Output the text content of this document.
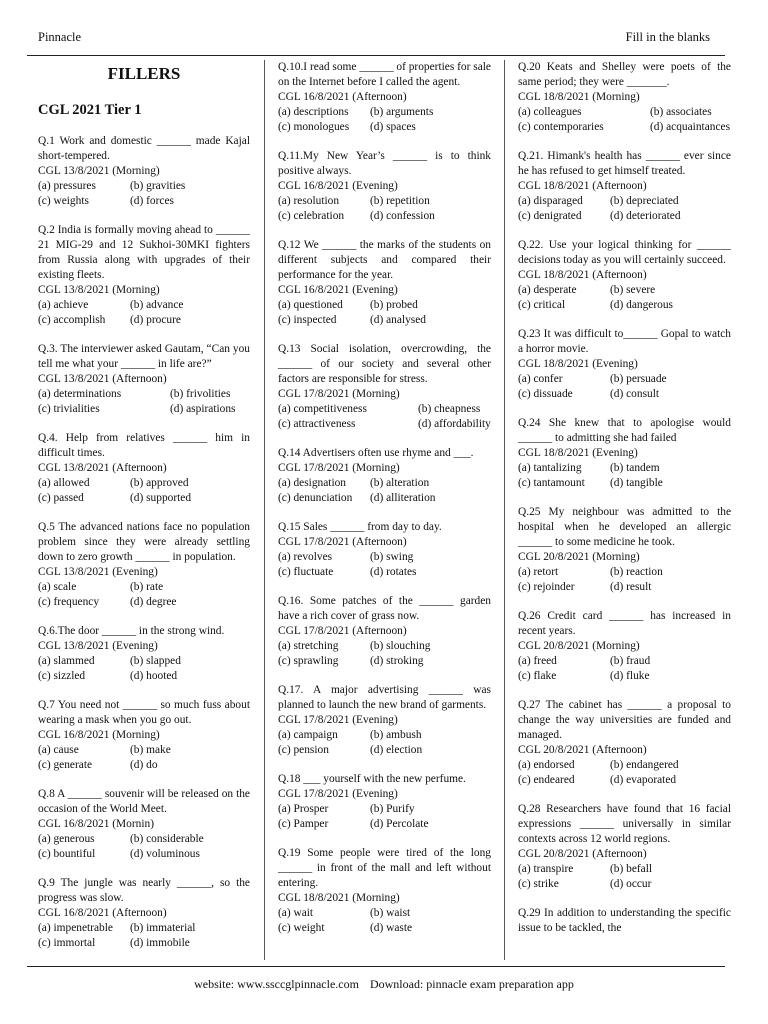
Pinnacle	Fill in the blanks
FILLERS
CGL 2021 Tier 1
Q.1 Work and domestic ______ made Kajal short-tempered.
CGL 13/8/2021 (Morning)
(a) pressures	(b) gravities
(c) weights	(d) forces
Q.2 India is formally moving ahead to ______ 21 MIG-29 and 12 Sukhoi-30MKI fighters from Russia along with upgrades of their existing fleets.
CGL 13/8/2021 (Morning)
(a) achieve	(b) advance
(c) accomplish	(d) procure
Q.3. The interviewer asked Gautam, “Can you tell me what your ______ in life are?”
CGL 13/8/2021 (Afternoon)
(a) determinations	(b) frivolities
(c) trivialities	(d) aspirations
Q.4. Help from relatives ______ him in difficult times.
CGL 13/8/2021 (Afternoon)
(a) allowed	(b) approved
(c) passed	(d) supported
Q.5 The advanced nations face no population problem since they were already settling down to zero growth ______ in population.
CGL 13/8/2021 (Evening)
(a) scale	(b) rate
(c) frequency	(d) degree
Q.6.The door ______ in the strong wind.
CGL 13/8/2021 (Evening)
(a) slammed	(b) slapped
(c) sizzled	(d) hooted
Q.7 You need not ______ so much fuss about wearing a mask when you go out.
CGL 16/8/2021 (Morning)
(a) cause	(b) make
(c) generate	(d) do
Q.8 A ______ souvenir will be released on the occasion of the World Meet.
CGL 16/8/2021 (Mornin)
(a) generous	(b) considerable
(c) bountiful	(d) voluminous
Q.9 The jungle was nearly ______, so the progress was slow.
CGL 16/8/2021 (Afternoon)
(a) impenetrable	(b) immaterial
(c) immortal	(d) immobile
Q.10.I read some ______ of properties for sale on the Internet before I called the agent.
CGL 16/8/2021 (Afternoon)
(a) descriptions	(b) arguments
(c) monologues	(d) spaces
Q.11.My New Year’s ______ is to think positive always.
CGL 16/8/2021 (Evening)
(a) resolution	(b) repetition
(c) celebration	(d) confession
Q.12 We ______ the marks of the students on different subjects and compared their performance for the year.
CGL 16/8/2021 (Evening)
(a) questioned	(b) probed
(c) inspected	(d) analysed
Q.13 Social isolation, overcrowding, the ______ of our society and several other factors are responsible for stress.
CGL 17/8/2021 (Morning)
(a) competitiveness	(b) cheapness
(c) attractiveness	(d) affordability
Q.14 Advertisers often use rhyme and ___.
CGL 17/8/2021 (Morning)
(a) designation	(b) alteration
(c) denunciation	(d) alliteration
Q.15 Sales ______ from day to day.
CGL 17/8/2021 (Afternoon)
(a) revolves	(b) swing
(c) fluctuate	(d) rotates
Q.16. Some patches of the ______ garden have a rich cover of grass now.
CGL 17/8/2021 (Afternoon)
(a) stretching	(b) slouching
(c) sprawling	(d) stroking
Q.17. A major advertising ______ was planned to launch the new brand of garments.
CGL 17/8/2021 (Evening)
(a) campaign	(b) ambush
(c) pension	(d) election
Q.18 ___ yourself with the new perfume.
CGL 17/8/2021 (Evening)
(a) Prosper	(b) Purify
(c) Pamper	(d) Percolate
Q.19 Some people were tired of the long ______ in front of the mall and left without entering.
CGL 18/8/2021 (Morning)
(a) wait	(b) waist
(c) weight	(d) waste
Q.20 Keats and Shelley were poets of the same period; they were _______.
CGL 18/8/2021 (Morning)
(a) colleagues	(b) associates
(c) contemporaries	(d) acquaintances
Q.21. Himank's health has ______ ever since he has refused to get himself treated.
CGL 18/8/2021 (Afternoon)
(a) disparaged	(b) depreciated
(c) denigrated	(d) deteriorated
Q.22. Use your logical thinking for ______ decisions today as you will certainly succeed.
CGL 18/8/2021 (Afternoon)
(a) desperate	(b) severe
(c) critical	(d) dangerous
Q.23 It was difficult to______ Gopal to watch a horror movie.
CGL 18/8/2021 (Evening)
(a) confer	(b) persuade
(c) dissuade	(d) consult
Q.24 She knew that to apologise would ______ to admitting she had failed
CGL 18/8/2021 (Evening)
(a) tantalizing	(b) tandem
(c) tantamount	(d) tangible
Q.25 My neighbour was admitted to the hospital when he developed an allergic ______ to some medicine he took.
CGL 20/8/2021 (Morning)
(a) retort	(b) reaction
(c) rejoinder	(d) result
Q.26 Credit card ______ has increased in recent years.
CGL 20/8/2021 (Morning)
(a) freed	(b) fraud
(c) flake	(d) fluke
Q.27 The cabinet has ______ a proposal to change the way universities are funded and managed.
CGL 20/8/2021 (Afternoon)
(a) endorsed	(b) endangered
(c) endeared	(d) evaporated
Q.28 Researchers have found that 16 facial expressions ______ universally in similar contexts across 12 world regions.
CGL 20/8/2021 (Afternoon)
(a) transpire	(b) befall
(c) strike	(d) occur
Q.29 In addition to understanding the specific issue to be tackled, the
website: www.ssccglpinnacle.com Download: pinnacle exam preparation app
